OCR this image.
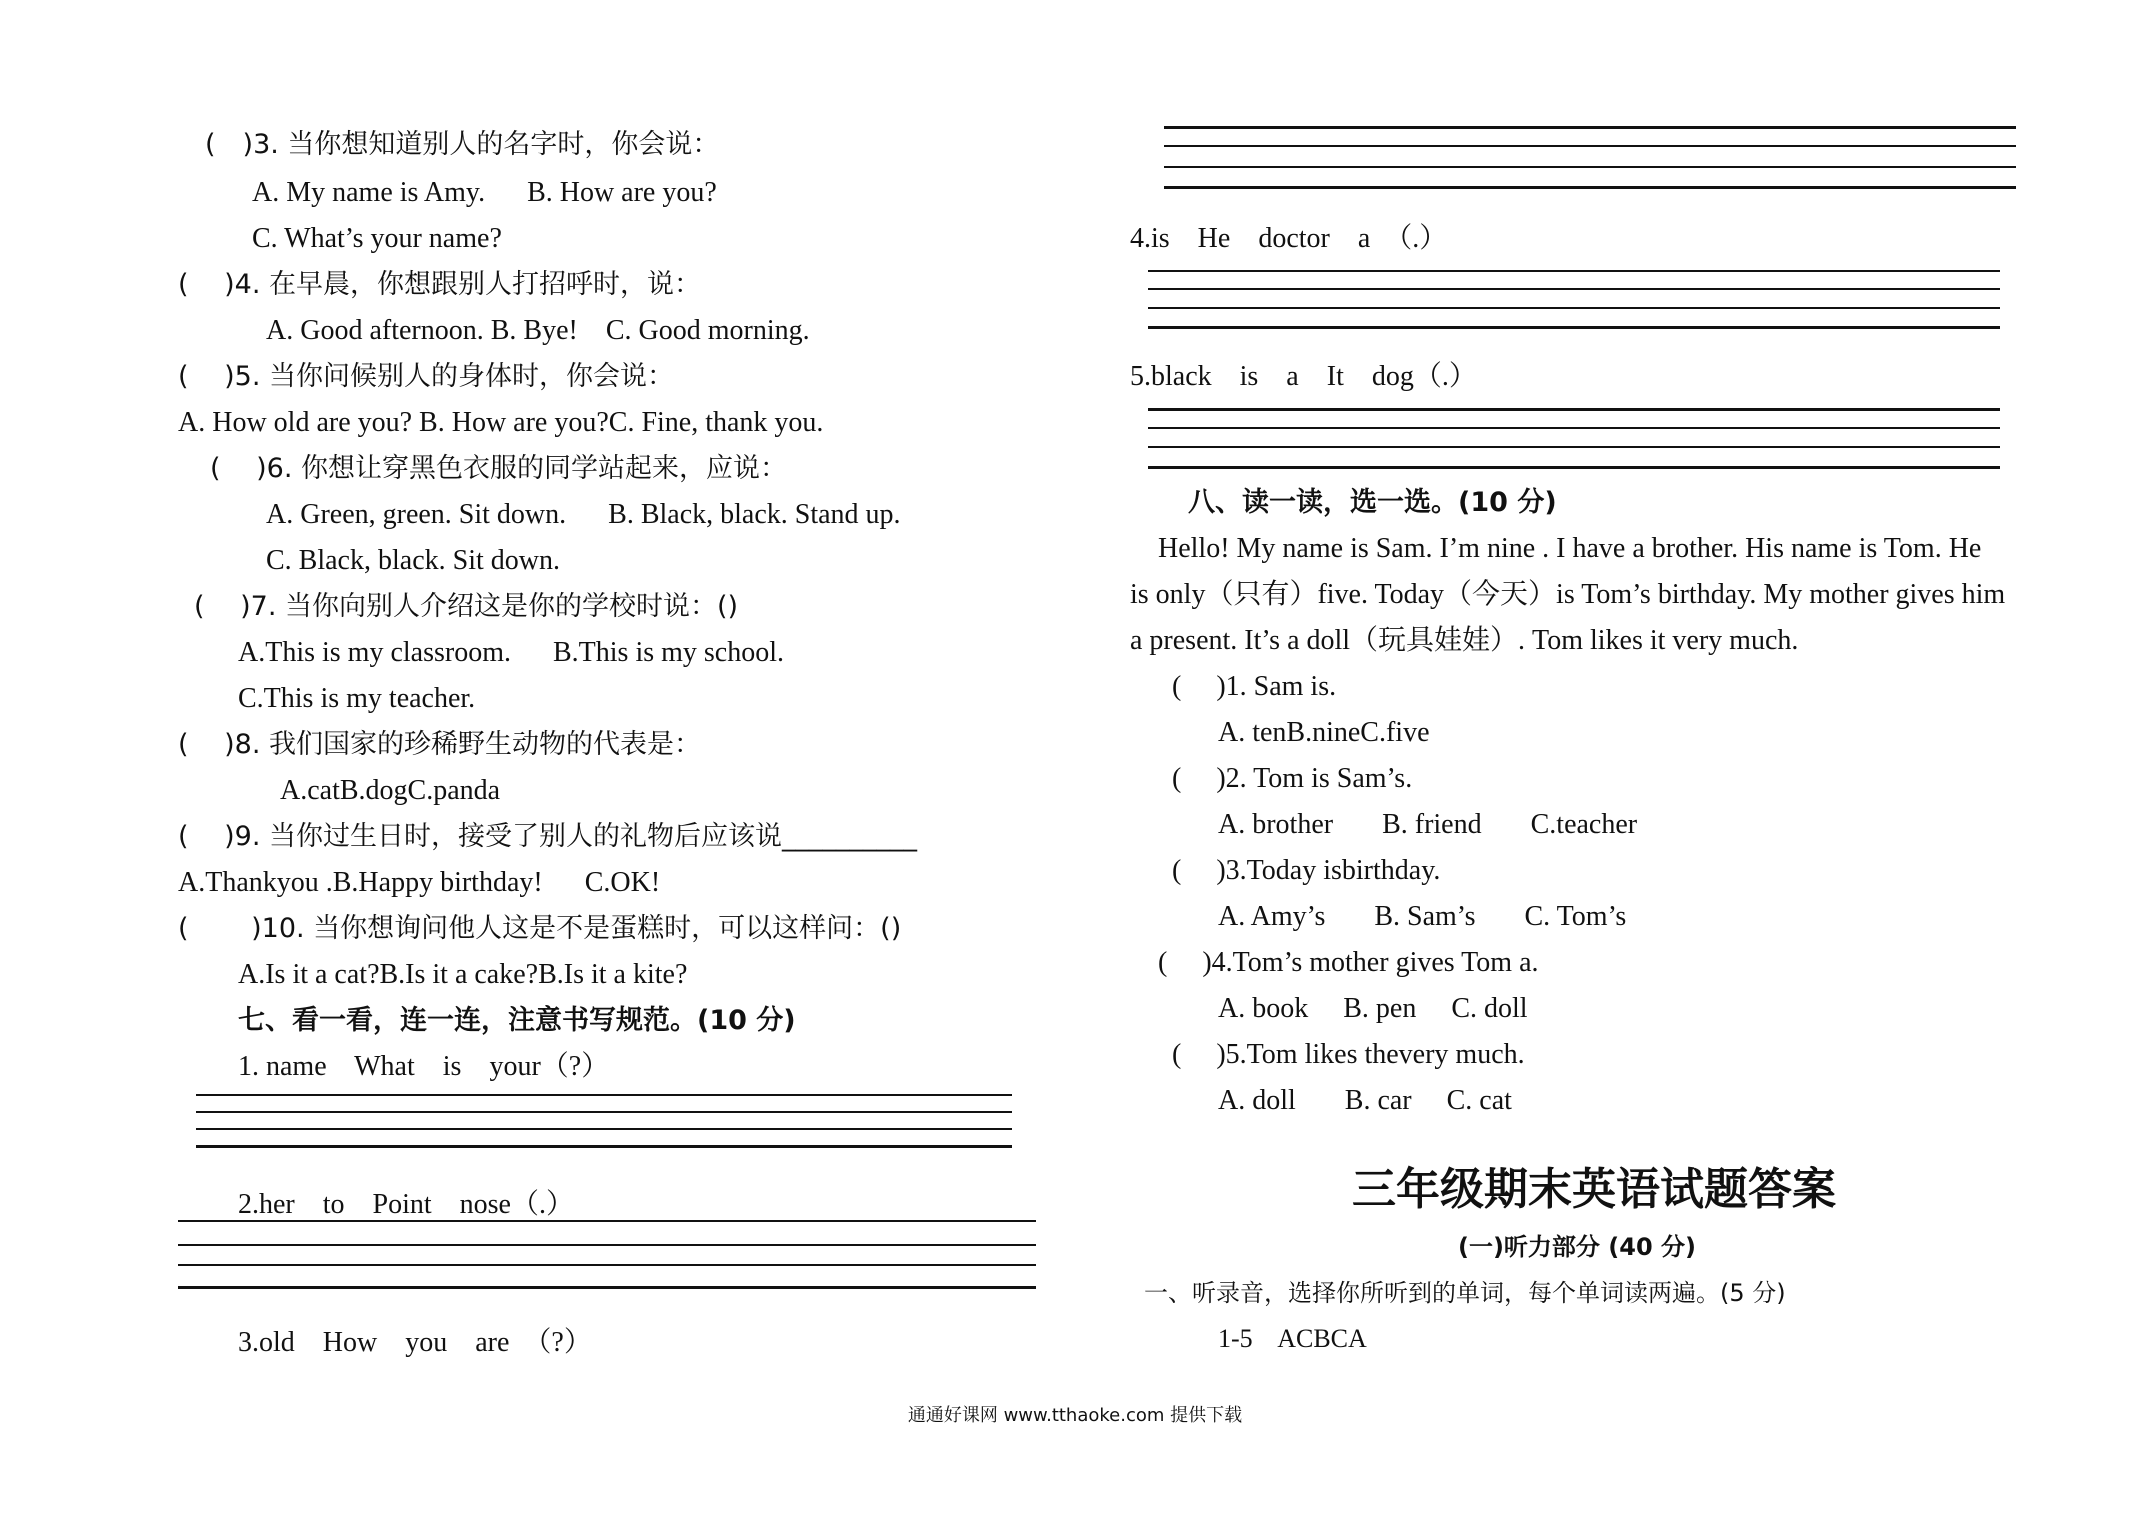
(　)3. 当你想知道别人的名字时，你会说：
A. My name is Amy.      B. How are you?
C. What’s your name?
(　 )4. 在早晨，你想跟别人打招呼时，说：
A. Good afternoon. B. Bye!    C. Good morning.
(　 )5. 当你问候别人的身体时，你会说：
A. How old are you? B. How are you?C. Fine, thank you.
(　 )6. 你想让穿黑色衣服的同学站起来，应说：
A. Green, green. Sit down.      B. Black, black. Stand up.
C. Black, black. Sit down.
(　 )7. 当你向别人介绍这是你的学校时说：()
A.This is my classroom.      B.This is my school.
C.This is my teacher.
(　 )8. 我们国家的珍稀野生动物的代表是：
A.catB.dogC.panda
(　 )9. 当你过生日时，接受了别人的礼物后应该说__________
A.Thankyou .B.Happy birthday!      C.OK!
(　 　)10. 当你想询问他人这是不是蛋糕时，可以这样问：()
A.Is it a cat?B.Is it a cake?B.Is it a kite?
七、看一看，连一连，注意书写规范。(10 分)
1. name    What    is    your（?）
2.her    to    Point    nose（.）
3.old    How    you    are  （?）
4.is    He    doctor    a  （.）
5.black    is    a    It    dog（.）
八、读一读，选一选。(10 分)
Hello! My name is Sam. I’m nine . I have a brother. His name is Tom. He
is only（只有）five. Today（今天）is Tom’s birthday. My mother gives him
a present. It’s a doll（玩具娃娃）. Tom likes it very much.
(　 )1. Sam is.
A. tenB.nineC.five
(　 )2. Tom is Sam’s.
A. brother       B. friend       C.teacher
(　 )3.Today isbirthday.
A. Amy’s       B. Sam’s       C. Tom’s
(　 )4.Tom’s mother gives Tom a.
A. book     B. pen     C. doll
(　 )5.Tom likes thevery much.
A. doll       B. car     C. cat
三年级期末英语试题答案
(一)听力部分 (40 分)
一、听录音，选择你所听到的单词，每个单词读两遍。(5 分)
1-5    ACBCA
通通好课网 www.tthaoke.com 提供下载
